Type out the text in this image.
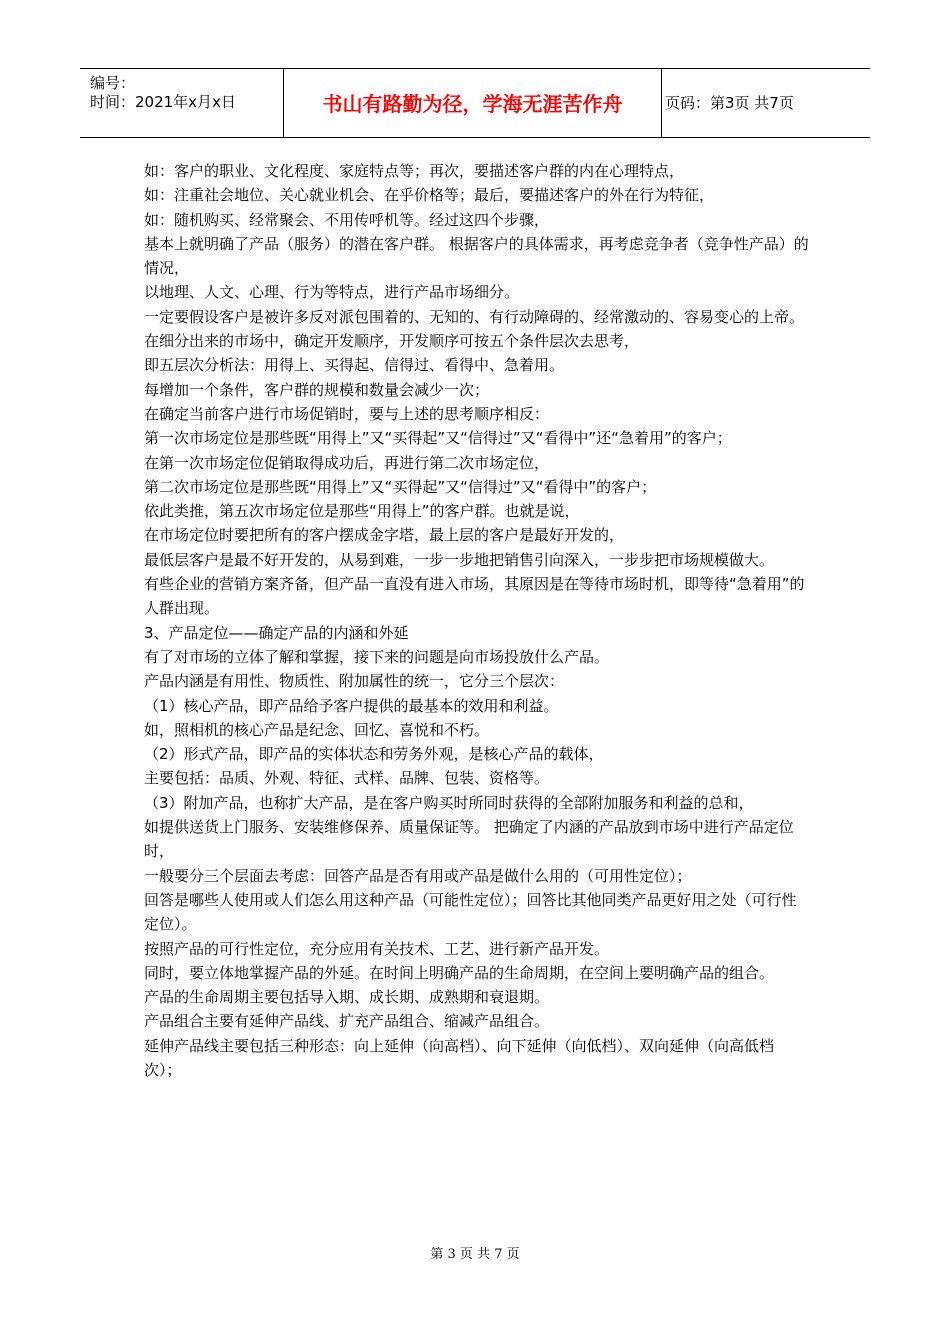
编号：
时间：2021年x月x日	书山有路勤为径，学海无涯苦作舟	页码：第3页 共7页

如：客户的职业、文化程度、家庭特点等；再次，要描述客户群的内在心理特点，

如：注重社会地位、关心就业机会、在乎价格等；最后，要描述客户的外在行为特征，

如：随机购买、经常聚会、不用传呼机等。经过这四个步骤，

基本上就明确了产品（服务）的潜在客户群。 根据客户的具体需求，再考虑竞争者（竞争性产品）的情况，

以地理、人文、心理、行为等特点，进行产品市场细分。

一定要假设客户是被许多反对派包围着的、无知的、有行动障碍的、经常激动的、容易变心的上帝。

在细分出来的市场中，确定开发顺序，开发顺序可按五个条件层次去思考，

即五层次分析法：用得上、买得起、信得过、看得中、急着用。

每增加一个条件，客户群的规模和数量会减少一次；

在确定当前客户进行市场促销时，要与上述的思考顺序相反：

第一次市场定位是那些既“用得上”又“买得起”又“信得过”又“看得中”还“急着用”的客户；

在第一次市场定位促销取得成功后，再进行第二次市场定位，

第二次市场定位是那些既“用得上”又“买得起”又“信得过”又“看得中”的客户；

依此类推，第五次市场定位是那些“用得上”的客户群。也就是说，

在市场定位时要把所有的客户摆成金字塔，最上层的客户是最好开发的，

最低层客户是最不好开发的，从易到难，一步一步地把销售引向深入，一步步把市场规模做大。

有些企业的营销方案齐备，但产品一直没有进入市场，其原因是在等待市场时机，即等待“急着用”的人群出现。

3、产品定位——确定产品的内涵和外延

有了对市场的立体了解和掌握，接下来的问题是向市场投放什么产品。

产品内涵是有用性、物质性、附加属性的统一，它分三个层次：

（1）核心产品，即产品给予客户提供的最基本的效用和利益。

如，照相机的核心产品是纪念、回忆、喜悦和不朽。

（2）形式产品，即产品的实体状态和劳务外观，是核心产品的载体，

主要包括：品质、外观、特征、式样、品牌、包装、资格等。

（3）附加产品，也称扩大产品，是在客户购买时所同时获得的全部附加服务和利益的总和，

如提供送货上门服务、安装维修保养、质量保证等。 把确定了内涵的产品放到市场中进行产品定位时，

一般要分三个层面去考虑：回答产品是否有用或产品是做什么用的（可用性定位）；

回答是哪些人使用或人们怎么用这种产品（可能性定位）；回答比其他同类产品更好用之处（可行性定位）。

按照产品的可行性定位，充分应用有关技术、工艺、进行新产品开发。

同时，要立体地掌握产品的外延。在时间上明确产品的生命周期，在空间上要明确产品的组合。

产品的生命周期主要包括导入期、成长期、成熟期和衰退期。

产品组合主要有延伸产品线、扩充产品组合、缩减产品组合。

延伸产品线主要包括三种形态：向上延伸（向高档）、向下延伸（向低档）、双向延伸（向高低档次）；

第 3 页 共 7 页
